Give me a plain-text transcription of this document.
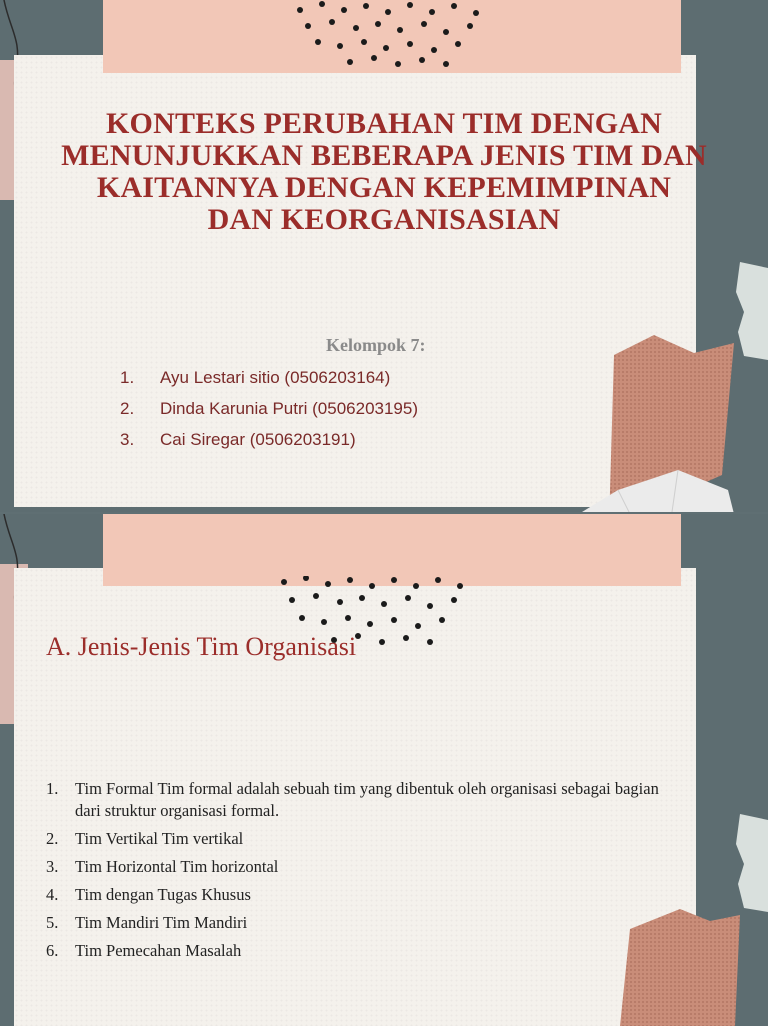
KONTEKS PERUBAHAN TIM DENGAN
MENUNJUKKAN BEBERAPA JENIS TIM DAN
KAITANNYA DENGAN KEPEMIMPINAN
DAN KEORGANISASIAN
Kelompok 7:
1. Ayu Lestari sitio (0506203164)
2. Dinda Karunia Putri (0506203195)
3. Cai Siregar (0506203191)
A. Jenis-Jenis Tim Organisasi
1.	Tim Formal Tim formal adalah sebuah tim yang dibentuk oleh organisasi sebagai bagian dari struktur organisasi formal.
2.	Tim Vertikal Tim vertikal
3.	Tim Horizontal Tim horizontal
4.	Tim dengan Tugas Khusus
5.	Tim Mandiri Tim Mandiri
6.	Tim Pemecahan Masalah
